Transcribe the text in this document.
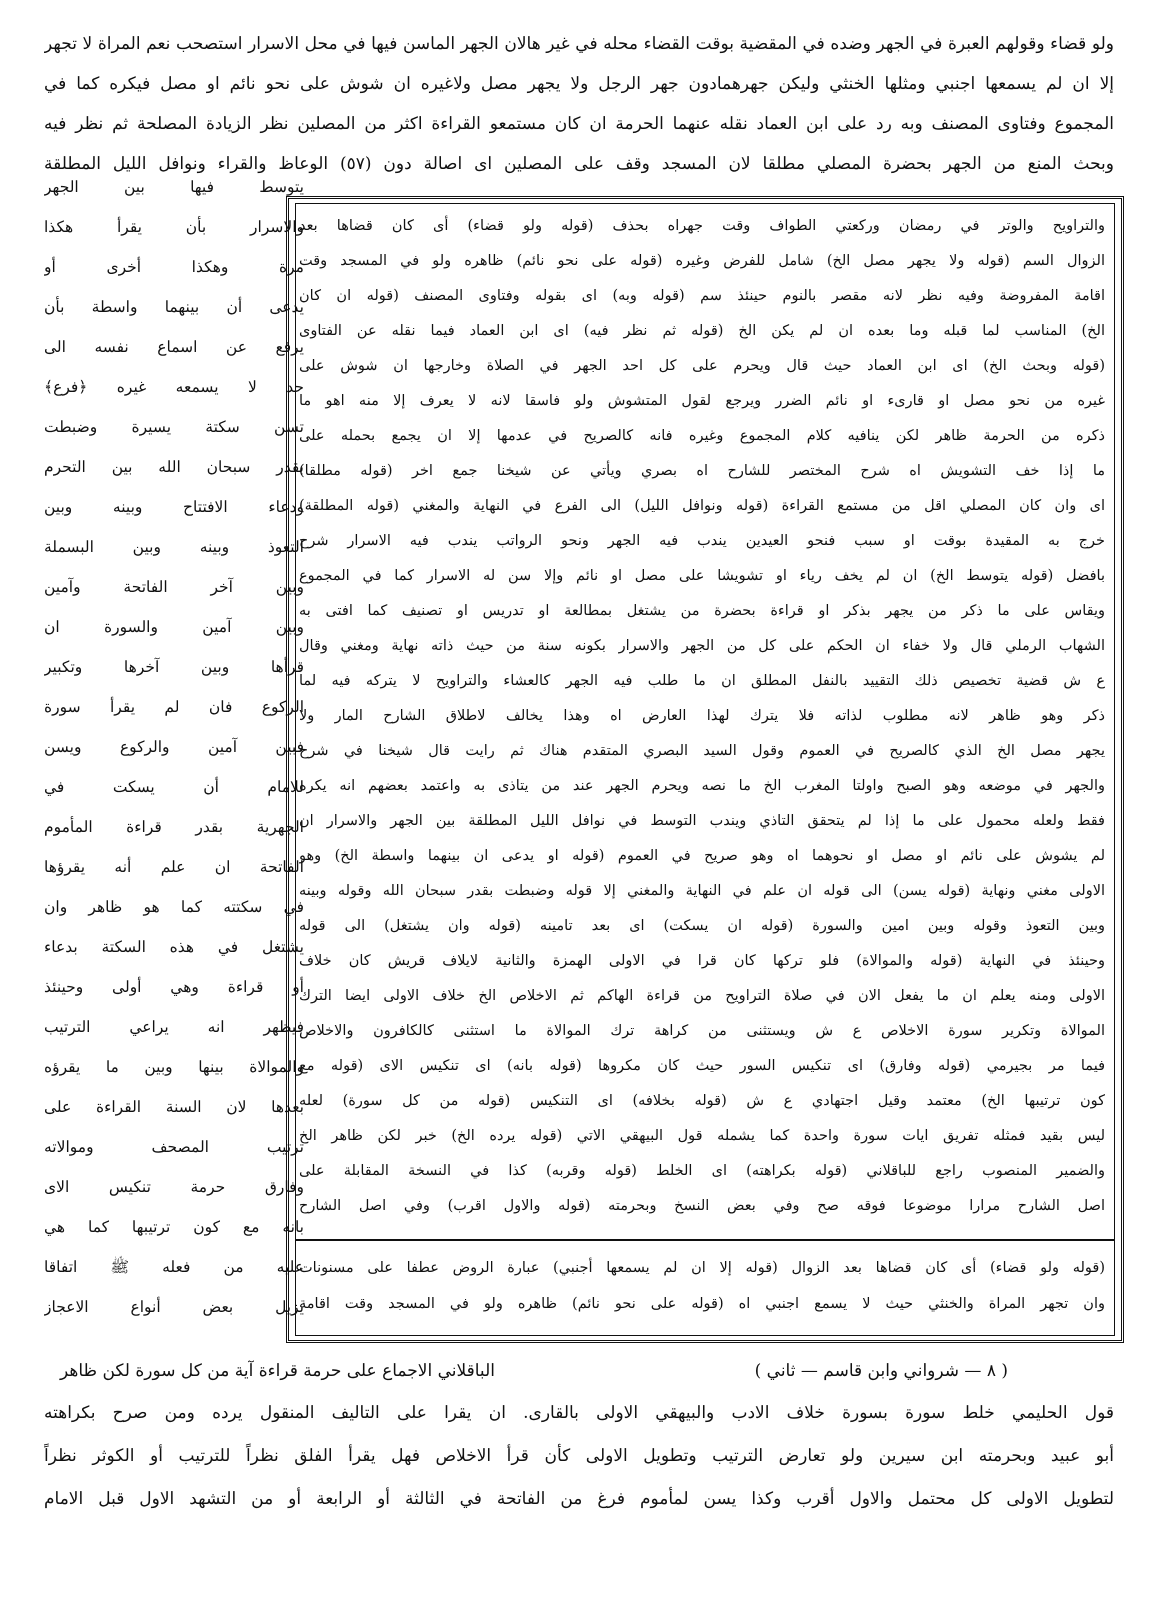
ولو قضاء وقولهم العبرة في الجهر وضده في المقضية بوقت القضاء محله في غير هالان الجهر الماسن فيها في محل الاسرار استصحب نعم المراة لا تجهر
إلا ان لم يسمعها اجنبي ومثلها الخنثي وليكن جهرهمادون جهر الرجل ولا يجهر مصل ولاغيره ان شوش على نحو نائم او مصل فيكره كما في
المجموع وفتاوى المصنف وبه رد على ابن العماد نقله عنهما الحرمة ان كان مستمعو القراءة اكثر من المصلين نظر الزيادة المصلحة ثم نظر فيه
وبحث المنع من الجهر بحضرة المصلي مطلقا لان المسجد وقف على المصلين اى اصالة دون (٥٧) الوعاظ والقراء ونوافل الليل المطلقة
يتوسط فيها بين الجهر
والاسرار بأن يقرأ هكذا
مرة وهكذا أخرى أو
يدعى أن بينهما واسطة بأن
يرفع عن اسماع نفسه الى
حد لا يسمعه غيره ﴿فرع﴾
تسن سكتة يسيرة وضبطت
بقدر سبحان الله بين التحرم
ودعاء الافتتاح وبينه وبين
التعوذ وبينه وبين البسملة
وبين آخر الفاتحة وآمين
وبين آمين والسورة ان
قرأها وبين آخرها وتكبير
الركوع فان لم يقرأ سورة
فبين آمين والركوع ويسن
للامام أن يسكت في
الجهرية بقدر قراءة المأموم
الفاتحة ان علم أنه يقرؤها
في سكتته كما هو ظاهر وان
يشتغل في هذه السكتة بدعاء
أو قراءة وهي أولى وحينئذ
فيظهر انه يراعي الترتيب
والموالاة بينها وبين ما يقرؤه
بعدها لان السنة القراءة على
ترتيب المصحف وموالاته
وفارق حرمة تنكيس الاى
بانه مع كون ترتيبها كما هي
عليه من فعله ﷺ اتفاقا
يزيل بعض أنواع الاعجاز
والتراويح والوتر في رمضان وركعتي الطواف وقت جهراه بحذف (قوله ولو قضاء) أى كان قضاها بعد
الزوال السم (قوله ولا يجهر مصل الخ) شامل للفرض وغيره (قوله على نحو نائم) ظاهره ولو في المسجد وقت
اقامة المفروضة وفيه نظر لانه مقصر بالنوم حينئذ سم (قوله وبه) اى بقوله وفتاوى المصنف (قوله ان كان
الخ) المناسب لما قبله وما بعده ان لم يكن الخ (قوله ثم نظر فيه) اى ابن العماد فيما نقله عن الفتاوى
(قوله وبحث الخ) اى ابن العماد حيث قال ويحرم على كل احد الجهر في الصلاة وخارجها ان شوش على
غيره من نحو مصل او قارىء او نائم الضرر ويرجع لقول المتشوش ولو فاسقا لانه لا يعرف إلا منه اهو ما
ذكره من الحرمة ظاهر لكن ينافيه كلام المجموع وغيره فانه كالصريح في عدمها إلا ان يجمع بحمله على
ما إذا خف التشويش اه شرح المختصر للشارح اه بصري ويأتي عن شيخنا جمع اخر (قوله مطلقا)
اى وان كان المصلي اقل من مستمع القراءة (قوله ونوافل الليل) الى الفرع في النهاية والمغني (قوله المطلقة)
خرج به المقيدة بوقت او سبب فنحو العيدين يندب فيه الجهر ونحو الرواتب يندب فيه الاسرار شرح
بافضل (قوله يتوسط الخ) ان لم يخف رياء او تشويشا على مصل او نائم وإلا سن له الاسرار كما في المجموع
ويقاس على ما ذكر من يجهر بذكر او قراءة بحضرة من يشتغل بمطالعة او تدريس او تصنيف كما افتى به
الشهاب الرملي قال ولا خفاء ان الحكم على كل من الجهر والاسرار بكونه سنة من حيث ذاته نهاية ومغني وقال
ع ش قضية تخصيص ذلك التقييد بالنفل المطلق ان ما طلب فيه الجهر كالعشاء والتراويح لا يتركه فيه لما
ذكر وهو ظاهر لانه مطلوب لذاته فلا يترك لهذا العارض اه وهذا يخالف لاطلاق الشارح المار ولا
يجهر مصل الخ الذي كالصريح في العموم وقول السيد البصري المتقدم هناك ثم رايت قال شيخنا في شرح
والجهر في موضعه وهو الصبح واولتا المغرب الخ ما نصه ويحرم الجهر عند من يتاذى به واعتمد بعضهم انه يكره
فقط ولعله محمول على ما إذا لم يتحقق التاذي ويندب التوسط في نوافل الليل المطلقة بين الجهر والاسرار ان
لم يشوش على نائم او مصل او نحوهما اه وهو صريح في العموم (قوله او يدعى ان بينهما واسطة الخ) وهو
الاولى مغني ونهاية (قوله يسن) الى قوله ان علم في النهاية والمغني إلا قوله وضبطت بقدر سبحان الله وقوله وبينه
وبين التعوذ وقوله وبين امين والسورة (قوله ان يسكت) اى بعد تامينه (قوله وان يشتغل) الى قوله
وحينئذ في النهاية (قوله والموالاة) فلو تركها كان قرا في الاولى الهمزة والثانية لايلاف قريش كان خلاف
الاولى ومنه يعلم ان ما يفعل الان في صلاة التراويح من قراءة الهاكم ثم الاخلاص الخ خلاف الاولى ايضا الترك
الموالاة وتكرير سورة الاخلاص ع ش ويستثنى من كراهة ترك الموالاة ما استثنى كالكافرون والاخلاص
فيما مر بجيرمي (قوله وفارق) اى تنكيس السور حيث كان مكروها (قوله بانه) اى تنكيس الاى (قوله مع
كون ترتيبها الخ) معتمد وقيل اجتهادي ع ش (قوله بخلافه) اى التنكيس (قوله من كل سورة) لعله
ليس بقيد فمثله تفريق ايات سورة واحدة كما يشمله قول البيهقي الاتي (قوله يرده الخ) خبر لكن ظاهر الخ
والضمير المنصوب راجع للباقلاني (قوله بكراهته) اى الخلط (قوله وقربه) كذا في النسخة المقابلة على
اصل الشارح مرارا موضوعا فوقه صح وفي بعض النسخ وبحرمته (قوله والاول اقرب) وفي اصل الشارح
(قوله ولو قضاء) أى كان قضاها بعد الزوال (قوله إلا ان لم يسمعها أجنبي) عبارة الروض عطفا على مسنونات
وان تجهر المراة والخنثي حيث لا يسمع اجنبي اه (قوله على نحو نائم) ظاهره ولو في المسجد وقت اقامة
( ٨ — شرواني وابن قاسم — ثاني )
الباقلاني الاجماع على حرمة قراءة آية من كل سورة لكن ظاهر
قول الحليمي خلط سورة بسورة خلاف الادب والبيهقي الاولى بالقارى. ان يقرا على التاليف المنقول يرده ومن صرح بكراهته
أبو عبيد وبحرمته ابن سيرين ولو تعارض الترتيب وتطويل الاولى كأن قرأ الاخلاص فهل يقرأ الفلق نظراً للترتيب أو الكوثر نظراً
لتطويل الاولى كل محتمل والاول أقرب وكذا يسن لمأموم فرغ من الفاتحة في الثالثة أو الرابعة أو من التشهد الاول قبل الامام
